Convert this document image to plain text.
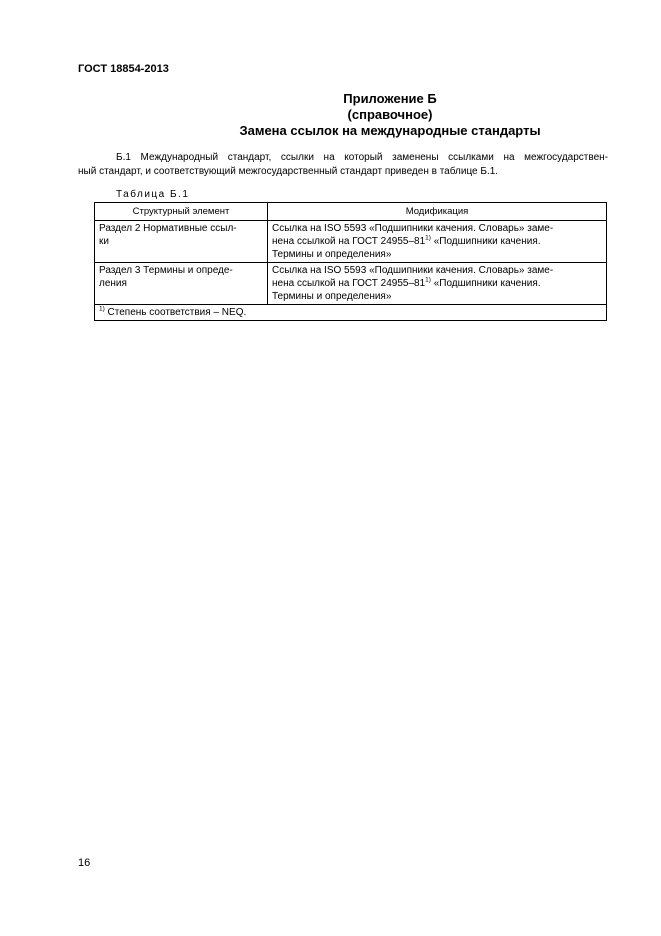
ГОСТ 18854-2013
Приложение Б
(справочное)
Замена ссылок на международные стандарты
Б.1 Международный стандарт, ссылки на который заменены ссылками на межгосударствен-
ный стандарт, и соответствующий межгосударственный стандарт приведен в таблице Б.1.
Таблица Б.1
Структурный элемент	Модификация
Раздел 2 Нормативные ссыл-
ки	Ссылка на ISO 5593 «Подшипники качения. Словарь» заме-
нена ссылкой на ГОСТ 24955–81$^{1)}$ «Подшипники качения.
Термины и определения»
Раздел 3 Термины и опреде-
ления	Ссылка на ISO 5593 «Подшипники качения. Словарь» заме-
нена ссылкой на ГОСТ 24955–81$^{1)}$ «Подшипники качения.
Термины и определения»
$^{1)}$ Степень соответствия – NEQ.	
16
